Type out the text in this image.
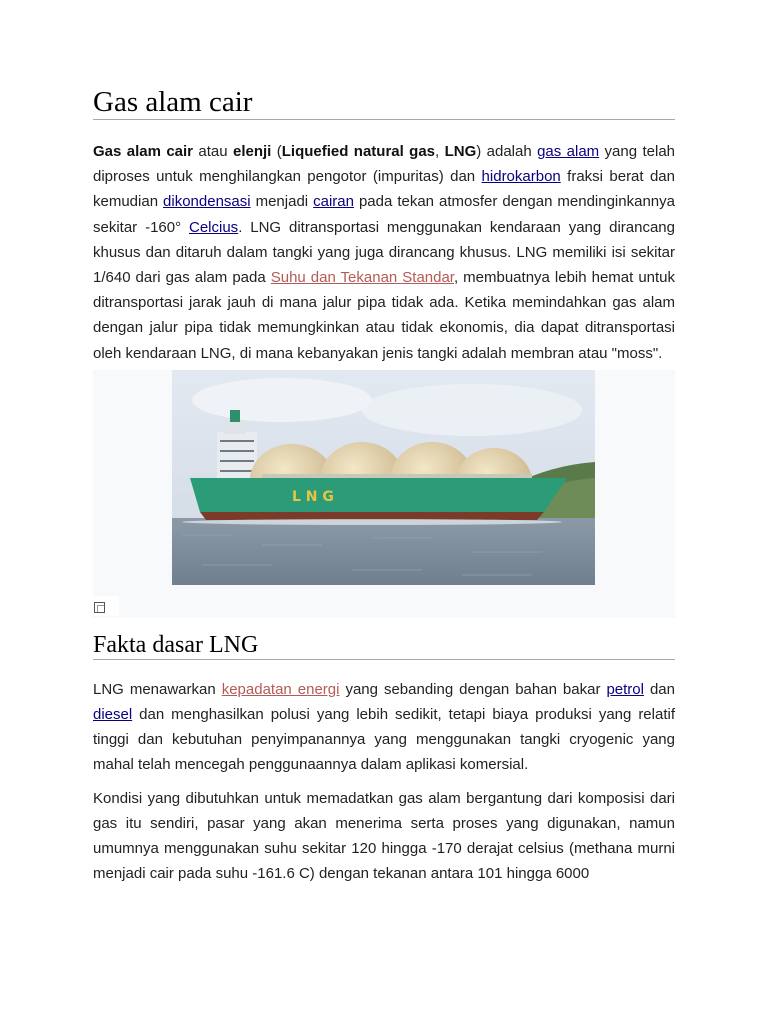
Gas alam cair

Gas alam cair atau elenji (Liquefied natural gas, LNG) adalah gas alam yang telah diproses untuk menghilangkan pengotor (impuritas) dan hidrokarbon fraksi berat dan kemudian dikondensasi menjadi cairan pada tekan atmosfer dengan mendinginkannya sekitar -160° Celcius. LNG ditransportasi menggunakan kendaraan yang dirancang khusus dan ditaruh dalam tangki yang juga dirancang khusus. LNG memiliki isi sekitar 1/640 dari gas alam pada Suhu dan Tekanan Standar, membuatnya lebih hemat untuk ditransportasi jarak jauh di mana jalur pipa tidak ada. Ketika memindahkan gas alam dengan jalur pipa tidak memungkinkan atau tidak ekonomis, dia dapat ditransportasi oleh kendaraan LNG, di mana kebanyakan jenis tangki adalah membran atau "moss".

L N G
Fakta dasar LNG

LNG menawarkan kepadatan energi yang sebanding dengan bahan bakar petrol dan diesel dan menghasilkan polusi yang lebih sedikit, tetapi biaya produksi yang relatif tinggi dan kebutuhan penyimpanannya yang menggunakan tangki cryogenic yang mahal telah mencegah penggunaannya dalam aplikasi komersial.

Kondisi yang dibutuhkan untuk memadatkan gas alam bergantung dari komposisi dari gas itu sendiri, pasar yang akan menerima serta proses yang digunakan, namun umumnya menggunakan suhu sekitar 120 hingga -170 derajat celsius (methana murni menjadi cair pada suhu -161.6 C) dengan tekanan antara 101 hingga 6000
